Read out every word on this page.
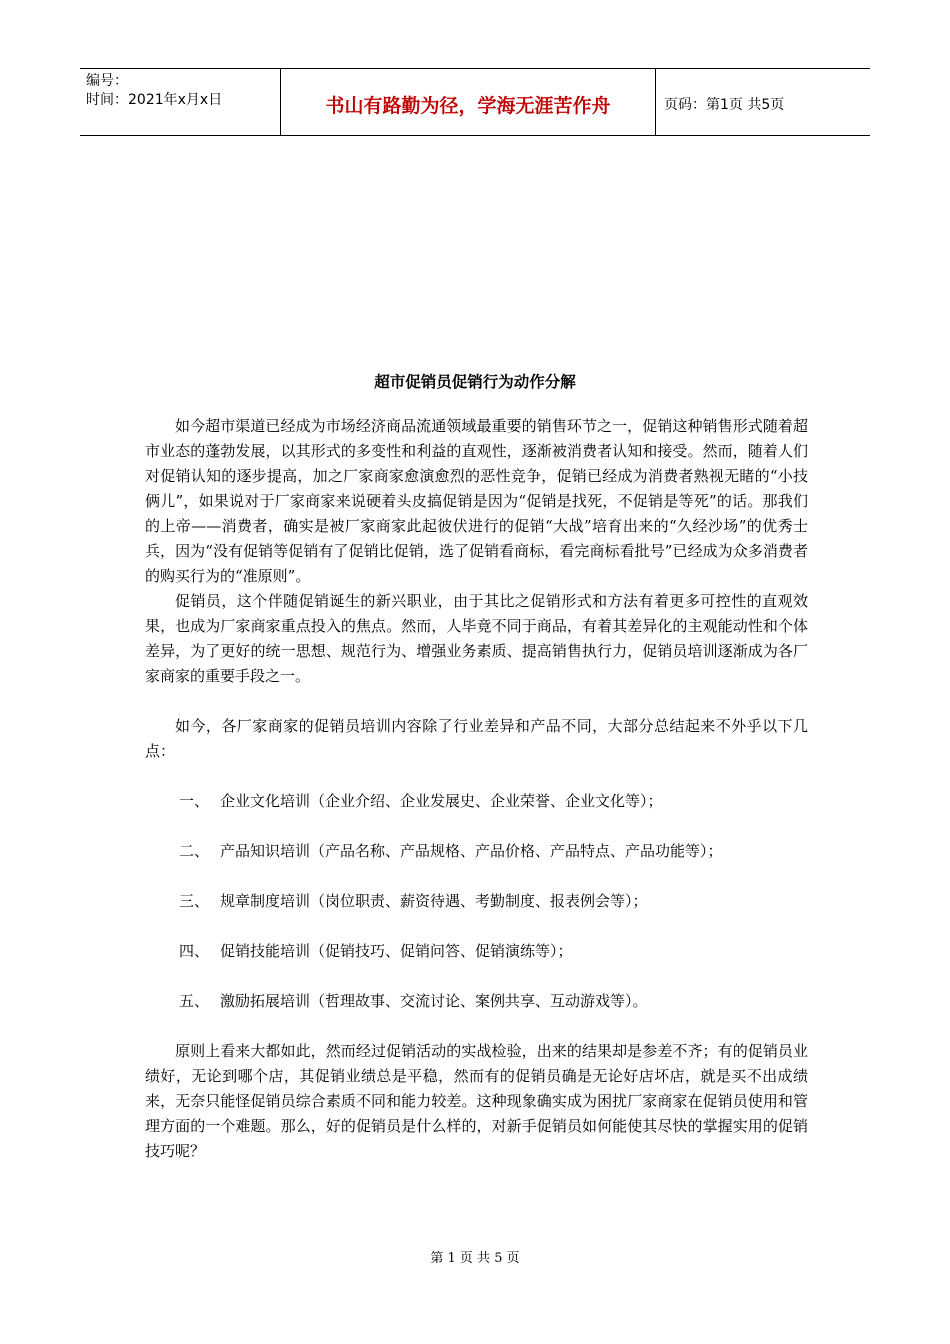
编号：
时间：2021年x月x日	书山有路勤为径，学海无涯苦作舟	页码：第1页 共5页
超市促销员促销行为动作分解

如今超市渠道已经成为市场经济商品流通领域最重要的销售环节之一，促销这种销售形式随着超市业态的蓬勃发展，以其形式的多变性和利益的直观性，逐渐被消费者认知和接受。然而，随着人们对促销认知的逐步提高，加之厂家商家愈演愈烈的恶性竞争，促销已经成为消费者熟视无睹的“小技俩儿”，如果说对于厂家商家来说硬着头皮搞促销是因为“促销是找死，不促销是等死”的话。那我们的上帝——消费者，确实是被厂家商家此起彼伏进行的促销“大战”培育出来的“久经沙场”的优秀士兵，因为“没有促销等促销有了促销比促销，选了促销看商标，看完商标看批号”已经成为众多消费者的购买行为的“准原则”。

促销员，这个伴随促销诞生的新兴职业，由于其比之促销形式和方法有着更多可控性的直观效果，也成为厂家商家重点投入的焦点。然而，人毕竟不同于商品，有着其差异化的主观能动性和个体差异，为了更好的统一思想、规范行为、增强业务素质、提高销售执行力，促销员培训逐渐成为各厂家商家的重要手段之一。

如今，各厂家商家的促销员培训内容除了行业差异和产品不同，大部分总结起来不外乎以下几点：

一、 企业文化培训（企业介绍、企业发展史、企业荣誉、企业文化等）；
二、 产品知识培训（产品名称、产品规格、产品价格、产品特点、产品功能等）；
三、 规章制度培训（岗位职责、薪资待遇、考勤制度、报表例会等）；
四、 促销技能培训（促销技巧、促销问答、促销演练等）；
五、 激励拓展培训（哲理故事、交流讨论、案例共享、互动游戏等）。

原则上看来大都如此，然而经过促销活动的实战检验，出来的结果却是参差不齐；有的促销员业绩好，无论到哪个店，其促销业绩总是平稳，然而有的促销员确是无论好店坏店，就是买不出成绩来，无奈只能怪促销员综合素质不同和能力较差。这种现象确实成为困扰厂家商家在促销员使用和管理方面的一个难题。那么，好的促销员是什么样的，对新手促销员如何能使其尽快的掌握实用的促销技巧呢？

第 1 页 共 5 页
